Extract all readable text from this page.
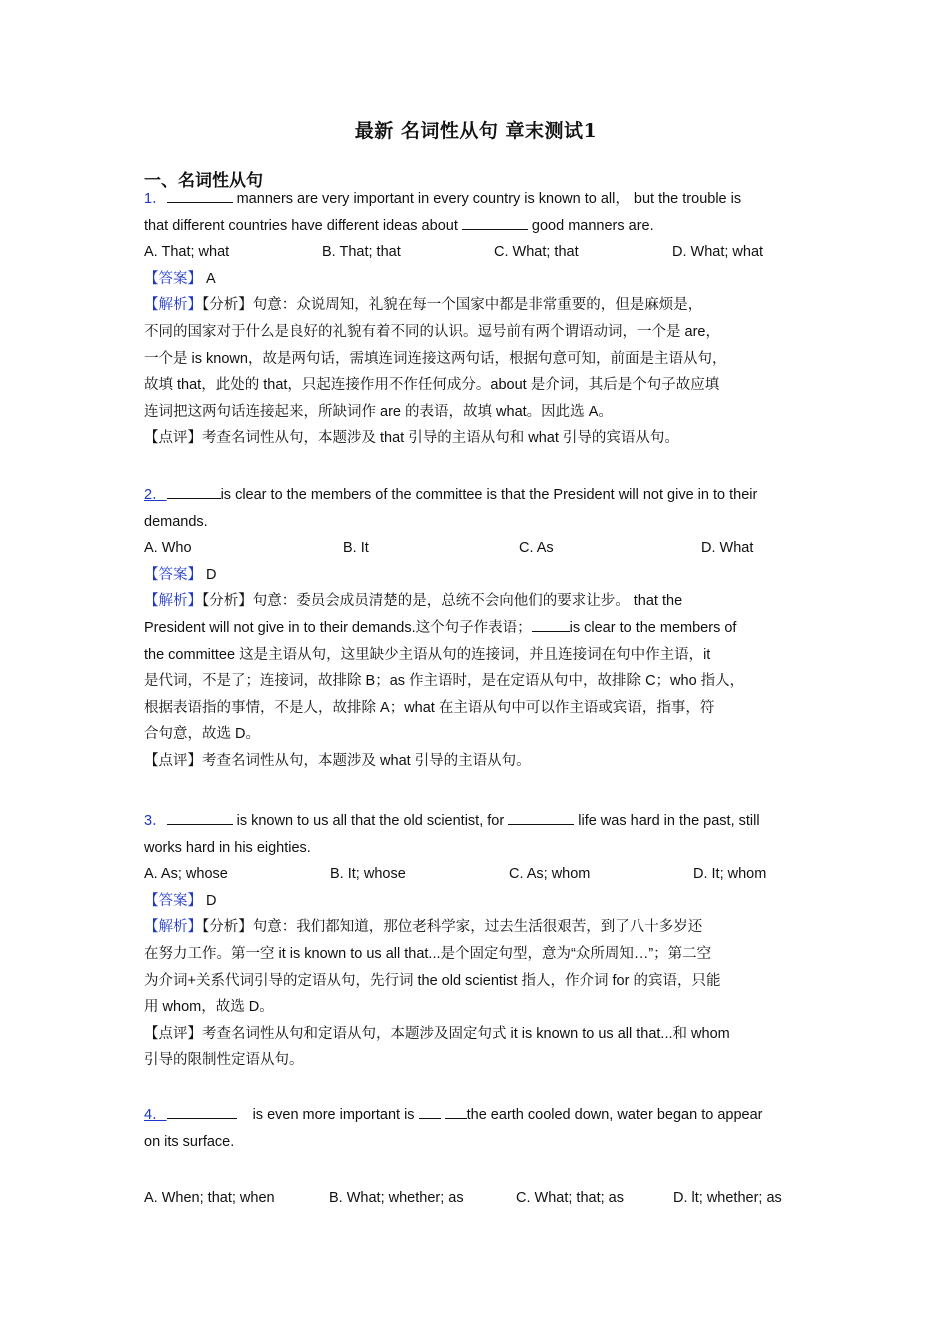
最新 名词性从句 章末测试1
一、名词性从句

1．	manners are very important in every country is known to all， but the trouble is

that different countries have different ideas about	good manners are.

A. That; what	B. That; that	C. What; that	D. What; what

【答案】 A

【解析】【分析】句意：众说周知，礼貌在每一个国家中都是非常重要的，但是麻烦是，

不同的国家对于什么是良好的礼貌有着不同的认识。逗号前有两个谓语动词，一个是 are，

一个是 is known，故是两句话，需填连词连接这两句话，根据句意可知，前面是主语从句，

故填 that，此处的 that，只起连接作用不作任何成分。about 是介词，其后是个句子故应填

连词把这两句话连接起来，所缺词作 are 的表语，故填 what。因此选 A。

【点评】考查名词性从句，本题涉及 that 引导的主语从句和 what 引导的宾语从句。

2．	is clear to the members of the committee is that the President will not give in to their

demands.

A. Who	B. It	C. As	D. What

【答案】 D

【解析】【分析】句意：委员会成员清楚的是，总统不会向他们的要求让步。 that the

President will not give in to their demands.这个句子作表语；	is clear to the members of

the committee 这是主语从句，这里缺少主语从句的连接词，并且连接词在句中作主语，it

是代词，不是了；连接词，故排除 B；as 作主语时，是在定语从句中，故排除 C；who 指人，

根据表语指的事情，不是人，故排除 A；what 在主语从句中可以作主语或宾语，指事，符

合句意，故选 D。

【点评】考查名词性从句，本题涉及 what 引导的主语从句。

3．	is known to us all that the old scientist, for	life was hard in the past, still

works hard in his eighties.

A. As; whose	B. It; whose	C. As; whom	D. It; whom

【答案】 D

【解析】【分析】句意：我们都知道，那位老科学家，过去生活很艰苦，到了八十多岁还

在努力工作。第一空 it is known to us all that...是个固定句型，意为“众所周知…”；第二空

为介词+关系代词引导的定语从句，先行词 the old scientist 指人，作介词 for 的宾语，只能

用 whom，故选 D。

【点评】考查名词性从句和定语从句，本题涉及固定句式 it is known to us all that...和 whom

引导的限制性定语从句。

4．	is even more important is	the earth cooled down, water began to appear

on its surface.

A. When; that; when	B. What; whether; as	C. What; that; as	D. lt; whether; as
